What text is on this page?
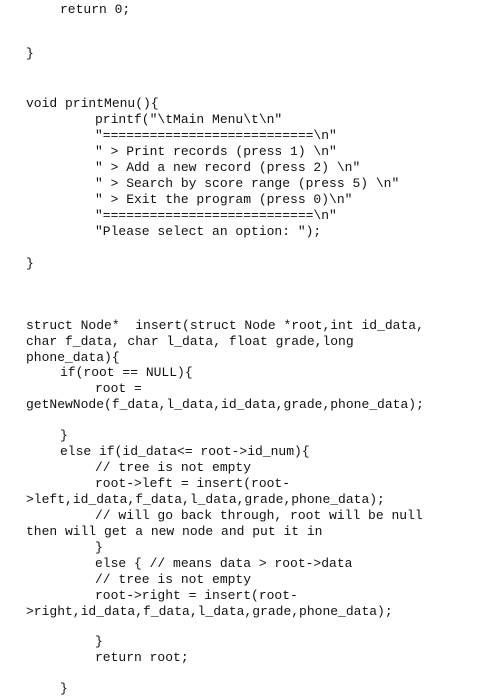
return 0;
}
void printMenu(){
printf("\tMain Menu\t\n"
"===========================\n"
" > Print records (press 1) \n"
" > Add a new record (press 2) \n"
" > Search by score range (press 5) \n"
" > Exit the program (press 0)\n"
"===========================\n"
"Please select an option: ");
}
struct Node*  insert(struct Node *root,int id_data,
char f_data, char l_data, float grade,long
phone_data){
if(root == NULL){
root =
getNewNode(f_data,l_data,id_data,grade,phone_data);
}
else if(id_data<= root->id_num){
// tree is not empty
root->left = insert(root-
>left,id_data,f_data,l_data,grade,phone_data);
// will go back through, root will be null
then will get a new node and put it in
}
else { // means data > root->data
// tree is not empty
root->right = insert(root-
>right,id_data,f_data,l_data,grade,phone_data);
}
return root;
}
